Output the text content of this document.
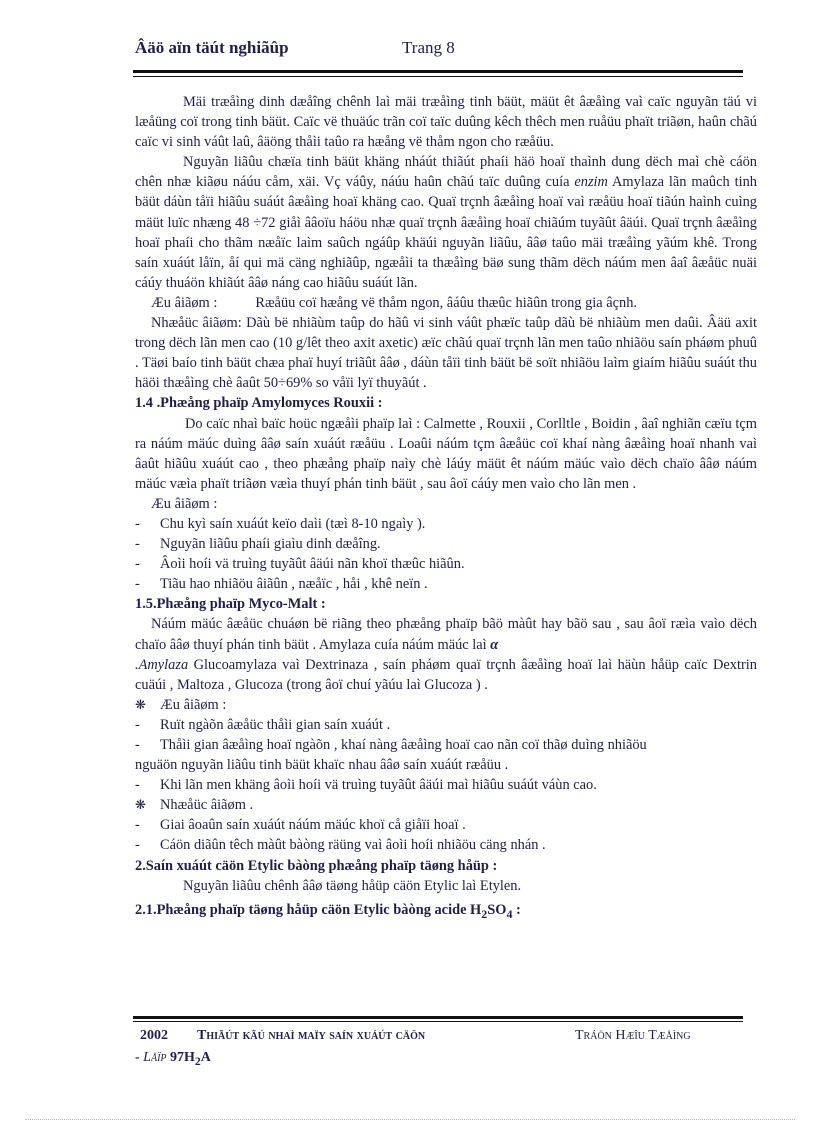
Âäö aïn täút nghiãûp	Trang 8

Mäi træåìng dinh dæåîng chênh laì mäi træåìng tinh bäüt, mäüt êt âæåìng vaì caïc nguyãn täú vi læåüng coï trong tinh bäüt. Caïc vë thuäúc trãn coï taïc duûng kêch thêch men ruåüu phaït triãøn, haûn chãú caïc vi sinh váût laû, âäöng thåìi taûo ra hæång vë thåm ngon cho ræåüu.

Nguyãn liãûu chæïa tinh bäüt khäng nháút thiãút phaíi häö hoaï thaình dung dëch maì chè cáön chên nhæ kiãøu náúu cåm, xäi. Vç váûy, náúu haûn chãú taïc duûng cuía enzim Amylaza lãn maûch tinh bäüt dáùn tåïi hiãûu suáút âæåìng hoaï khäng cao. Quaï trçnh âæåìng hoaï vaì ræåüu hoaï tiãún haình cuìng mäüt luïc nhæng 48 ÷72 giåì ââoïu háöu nhæ quaï trçnh âæåìng hoaï chiãúm tuyãût âäúi. Quaï trçnh âæåìng hoaï phaíi cho thãm næåïc laìm saûch ngáûp khäúi nguyãn liãûu, ââø taûo mäi træåìng yãúm khê. Trong saín xuáút låïn, åí qui mä cäng nghiãûp, ngæåìi ta thæåìng bäø sung thãm dëch náúm men âaî âæåüc nuäi cáúy thuáön khiãút ââø náng cao hiãûu suáút lãn.

Æu âiãøm :	Ræåüu coï hæång vë thåm ngon, âáûu thæûc hiãûn trong gia âçnh.

Nhæåüc âiãøm: Dãù bë nhiãùm taûp do hãû vi sinh váût phæïc taûp dãù bë nhiãùm men daûi. Âäü axit trong dëch lãn men cao (10 g/lêt theo axit axetic) æïc chãú quaï trçnh lãn men taûo nhiãöu saín pháøm phuû . Täøi baío tinh bäüt chæa phaï huyí triãût ââø , dáùn tåïi tinh bäüt bë soït nhiãöu laìm giaím hiãûu suáút thu häöi thæåìng chè âaût 50÷69% so våïi lyï thuyãút .

1.4 .Phæång phaïp Amylomyces Rouxii :

Do caïc nhaì baïc hoüc ngæåìi phaïp laì : Calmette , Rouxii , Corlltle , Boidin , âaî nghiãn cæïu tçm ra náúm mäúc duìng ââø saín xuáút ræåüu . Loaûi náúm tçm âæåüc coï khaí nàng âæåìng hoaï nhanh vaì âaût hiãûu xuáút cao , theo phæång phaïp naìy chè láúy mäüt êt náúm mäúc vaìo dëch chaïo ââø náúm mäúc væìa phaït triãøn væìa thuyí phán tinh bäüt , sau âoï cáúy men vaìo cho lãn men .

Æu âiãøm :

-	Chu kyì saín xuáút keïo daìi (tæì 8-10 ngaìy ).
-	Nguyãn liãûu phaíi giaìu dinh dæåîng.
-	Âoìi hoíi vä truìng tuyãût âäúi nãn khoï thæûc hiãûn.
-	Tiãu hao nhiãöu âiãûn , næåïc , håi , khê neïn .

1.5.Phæång phaïp Myco-Malt :

Náúm mäúc âæåüc chuáøn bë riãng theo phæång phaïp bãö màût hay bãö sau , sau âoï ræìa vaìo dëch chaïo ââø thuyí phán tinh bäüt . Amylaza cuía náúm mäúc laì α
.Amylaza Glucoamylaza vaì Dextrinaza , saín pháøm quaï trçnh âæåìng hoaï laì häùn håüp caïc Dextrin cuäúi , Maltoza , Glucoza (trong âoï chuí yãúu laì Glucoza ) .

❋ Æu âiãøm :
-	Ruït ngàõn âæåüc thåìi gian saín xuáút .
-	Thåìi gian âæåìng hoaï ngàõn , khaí nàng âæåìng hoaï cao nãn coï thãø duìng nhiãöu

nguäön nguyãn liãûu tinh bäüt khaïc nhau ââø saín xuáút ræåüu .

-	Khi lãn men khäng âoìi hoíi vä truìng tuyãût âäúi maì hiãûu suáút váùn cao.
❋ Nhæåüc âiãøm .
-	Giai âoaûn saín xuáút náúm mäúc khoï cå giåïi hoaï .
-	Cáön diãûn têch màût bàòng räüng vaì âoìi hoíi nhiãöu cäng nhán .

2.Saín xuáút cäön Etylic bàòng phæång phaïp täøng håüp :

Nguyãn liãûu chênh ââø täøng håüp cäön Etylic laì Etylen.

2.1.Phæång phaïp täøng håüp cäön Etylic bàòng acide $H_2SO_4$ :

2002 Thiãút kãú nhaì maïy saín xuáút cäön	Tráön Hæîu Tæåìng
- Låïp $97H_2A$
